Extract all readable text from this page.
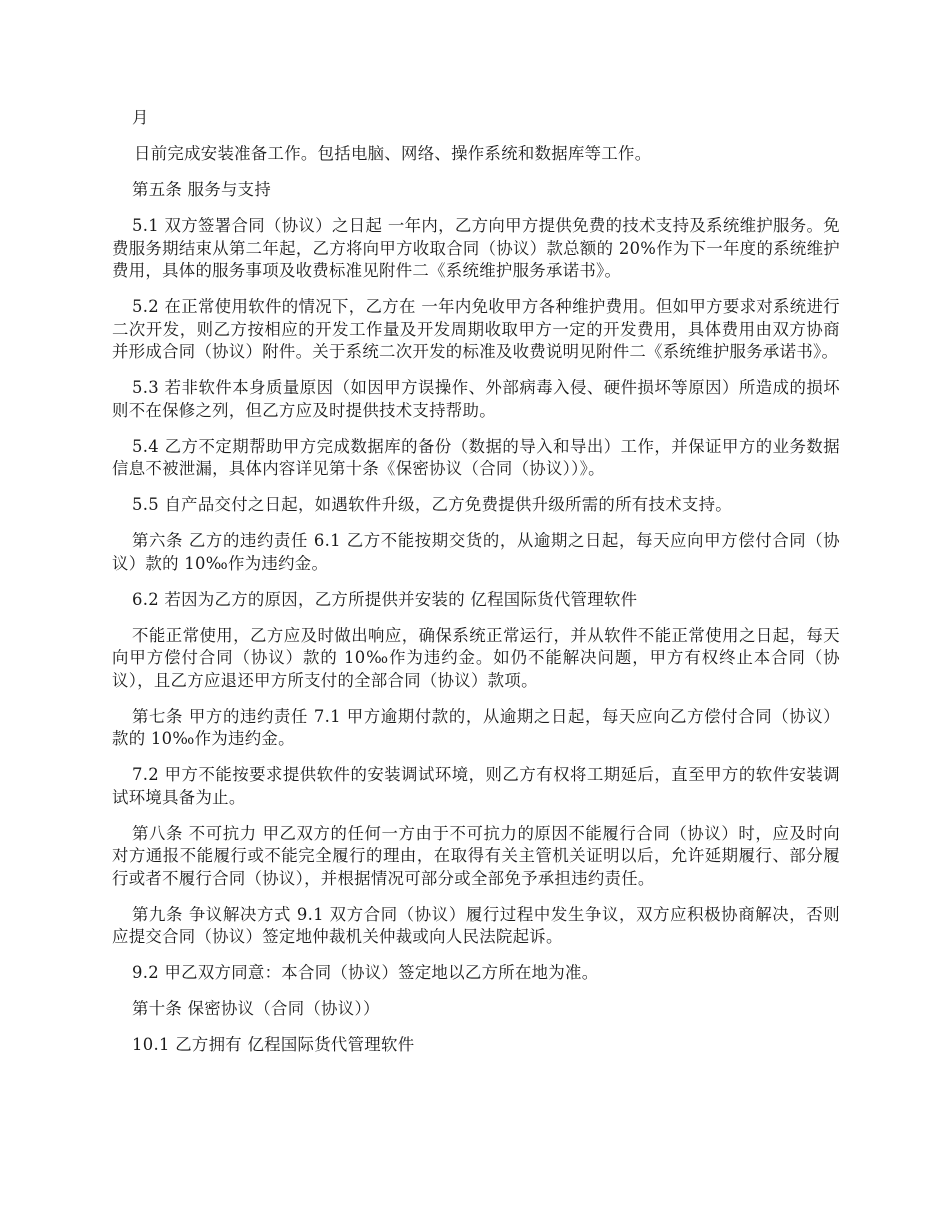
月

日前完成安装准备工作。包括电脑、网络、操作系统和数据库等工作。

第五条 服务与支持

5.1 双方签署合同（协议）之日起 一年内，乙方向甲方提供免费的技术支持及系统维护服务。免费服务期结束从第二年起，乙方将向甲方收取合同（协议）款总额的 20%作为下一年度的系统维护费用，具体的服务事项及收费标准见附件二《系统维护服务承诺书》。

5.2 在正常使用软件的情况下，乙方在 一年内免收甲方各种维护费用。但如甲方要求对系统进行二次开发，则乙方按相应的开发工作量及开发周期收取甲方一定的开发费用，具体费用由双方协商并形成合同（协议）附件。关于系统二次开发的标准及收费说明见附件二《系统维护服务承诺书》。

5.3 若非软件本身质量原因（如因甲方误操作、外部病毒入侵、硬件损坏等原因）所造成的损坏则不在保修之列，但乙方应及时提供技术支持帮助。

5.4 乙方不定期帮助甲方完成数据库的备份（数据的导入和导出）工作，并保证甲方的业务数据信息不被泄漏，具体内容详见第十条《保密协议（合同（协议））》。

5.5 自产品交付之日起，如遇软件升级，乙方免费提供升级所需的所有技术支持。

第六条 乙方的违约责任 6.1 乙方不能按期交货的，从逾期之日起，每天应向甲方偿付合同（协议）款的 10‰作为违约金。

6.2 若因为乙方的原因，乙方所提供并安装的 亿程国际货代管理软件

不能正常使用，乙方应及时做出响应，确保系统正常运行，并从软件不能正常使用之日起，每天向甲方偿付合同（协议）款的 10‰作为违约金。如仍不能解决问题，甲方有权终止本合同（协议），且乙方应退还甲方所支付的全部合同（协议）款项。

第七条 甲方的违约责任 7.1 甲方逾期付款的，从逾期之日起，每天应向乙方偿付合同（协议）款的 10‰作为违约金。

7.2 甲方不能按要求提供软件的安装调试环境，则乙方有权将工期延后，直至甲方的软件安装调试环境具备为止。

第八条 不可抗力 甲乙双方的任何一方由于不可抗力的原因不能履行合同（协议）时，应及时向对方通报不能履行或不能完全履行的理由，在取得有关主管机关证明以后，允许延期履行、部分履行或者不履行合同（协议），并根据情况可部分或全部免予承担违约责任。

第九条 争议解决方式 9.1 双方合同（协议）履行过程中发生争议，双方应积极协商解决，否则应提交合同（协议）签定地仲裁机关仲裁或向人民法院起诉。

9.2 甲乙双方同意：本合同（协议）签定地以乙方所在地为准。

第十条 保密协议（合同（协议））

10.1 乙方拥有 亿程国际货代管理软件
